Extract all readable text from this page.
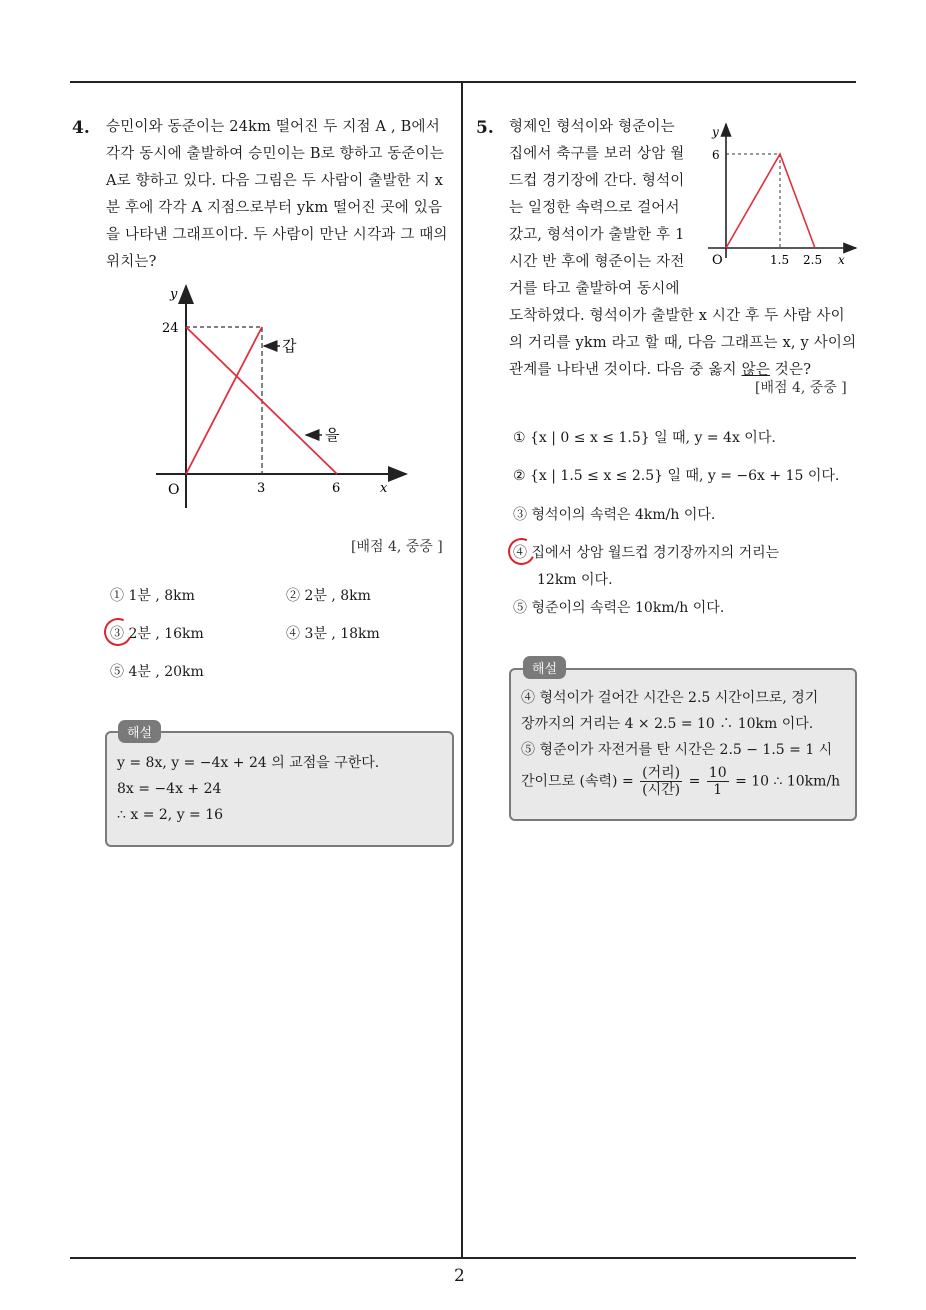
2
4. 승민이와 동준이는 24km 떨어진 두 지점 A , B에서
각각 동시에 출발하여 승민이는 B로 향하고 동준이는
A로 향하고 있다. 다음 그림은 두 사람이 출발한 지 x
분 후에 각각 A 지점으로부터 ykm 떨어진 곳에 있음
을 나타낸 그래프이다. 두 사람이 만난 시각과 그 때의
위치는?
y
24
O	3	6	x
갑
을
[배점 4, 중중 ]
① 1분 , 8km	② 2분 , 8km
③ 2분 , 16km	④ 3분 , 18km
⑤ 4분 , 20km
해설
y = 8x, y = −4x + 24 의 교점을 구한다.
8x = −4x + 24
∴ x = 2, y = 16
5. 형제인 형석이와 형준이는
집에서 축구를 보러 상암 월
드컵 경기장에 간다. 형석이
는 일정한 속력으로 걸어서
갔고, 형석이가 출발한 후 1
시간 반 후에 형준이는 자전
거를 타고 출발하여 동시에
도착하였다. 형석이가 출발한 x 시간 후 두 사람 사이
의 거리를 ykm 라고 할 때, 다음 그래프는 x, y 사이의
관계를 나타낸 것이다. 다음 중 옳지 않은 것은?
y
6
O	1.5 2.5 x
[배점 4, 중중 ]
① {x | 0 ≤ x ≤ 1.5} 일 때, y = 4x 이다.
② {x | 1.5 ≤ x ≤ 2.5} 일 때, y = −6x + 15 이다.
③ 형석이의 속력은 4km/h 이다.
④ 집에서 상암 월드컵 경기장까지의 거리는
12km 이다.
⑤ 형준이의 속력은 10km/h 이다.
해설
④ 형석이가 걸어간 시간은 2.5 시간이므로, 경기
장까지의 거리는 4 × 2.5 = 10 ∴ 10km 이다.
⑤ 형준이가 자전거를 탄 시간은 2.5 − 1.5 = 1 시
간이므로 (속력) = $\frac{\text{(거리)}}{\text{(시간)}} = \frac{10}{1} = 10$ ∴ 10km/h
